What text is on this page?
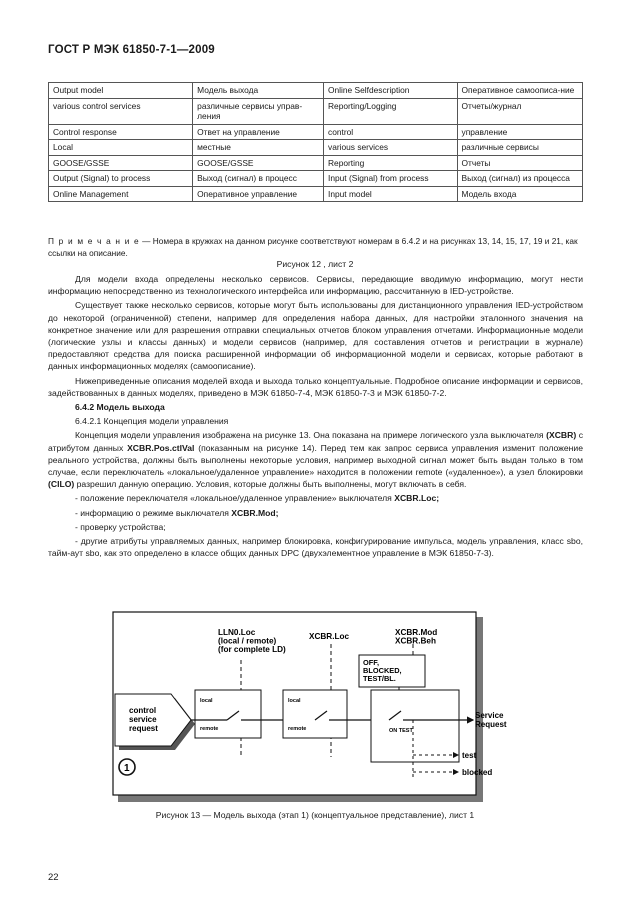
ГОСТ Р МЭК 61850-7-1—2009
Output model	Модель выхода	Online Selfdescription	Оперативное самоописа-ние
various control services	различные сервисы управ-ления	Reporting/Logging	Отчеты/журнал
Control response	Ответ на управление	control	управление
Local	местные	various services	различные сервисы
GOOSE/GSSE	GOOSE/GSSE	Reporting	Отчеты
Output (Signal) to process	Выход (сигнал) в процесс	Input (Signal) from process	Выход (сигнал) из процесса
Online Management	Оперативное управление	Input model	Модель входа
П р и м е ч а н и е — Номера в кружках на данном рисунке соответствуют номерам в 6.4.2 и на рисунках 13, 14, 15, 17, 19 и 21, как ссылки на описание.
Рисунок 12 , лист 2

Для модели входа определены несколько сервисов. Сервисы, передающие вводимую информацию, могут нести информацию непосредственно из технологического интерфейса или информацию, рассчитанную в IED-устройстве.

Существует также несколько сервисов, которые могут быть использованы для дистанционного управления IED-устройством до некоторой (ограниченной) степени, например для определения набора данных, для настройки эталонного значения на конкретное значение или для разрешения отправки специальных отчетов блоком управления отчетами. Информационные модели (логические узлы и классы данных) и модели сервисов (например, для составления отчетов и регистрации в журнале) предоставляют средства для поиска расширенной информации об информационной модели и сервисах, которые работают в данных информационных моделях (самоописание).

Нижеприведенные описания моделей входа и выхода только концептуальные. Подробное описание информации и сервисов, задействованных в данных моделях, приведено в МЭК 61850-7-4, МЭК 61850-7-3 и МЭК 61850-7-2.

6.4.2 Модель выхода

6.4.2.1 Концепция модели управления

Концепция модели управления изображена на рисунке 13. Она показана на примере логического узла выключателя (XCBR) с атрибутом данных XCBR.Pos.ctlVal (показанным на рисунке 14). Перед тем как запрос сервиса управления изменит положение реального устройства, должны быть выполнены некоторые условия, например выходной сигнал может быть выдан только в том случае, если переключатель «локальное/удаленное управление» находится в положении remote («удаленное»), а узел блокировки (CILO) разрешил данную операцию. Условия, которые должны быть выполнены, могут включать в себя.

- положение переключателя «локальное/удаленное управление» выключателя XCBR.Loc;

- информацию о режиме выключателя XCBR.Mod;

- проверку устройства;

- другие атрибуты управляемых данных, например блокировка, конфигурирование импульса, модель управления, класс sbo, тайм-аут sbo, как это определено в классе общих данных DPC (двухэлементное управление в МЭК 61850-7-3).

LLN0.Loc (local / remote) (for complete LD)
XCBR.Loc	XCBR.Mod XCBR.Beh
OFF, BLOCKED, TEST/BL.
control service request
1
local
remote
local
remote	ON TEST
Service Request
test
blocked
Рисунок 13 — Модель выхода (этап 1) (концептуальное представление), лист 1
22
